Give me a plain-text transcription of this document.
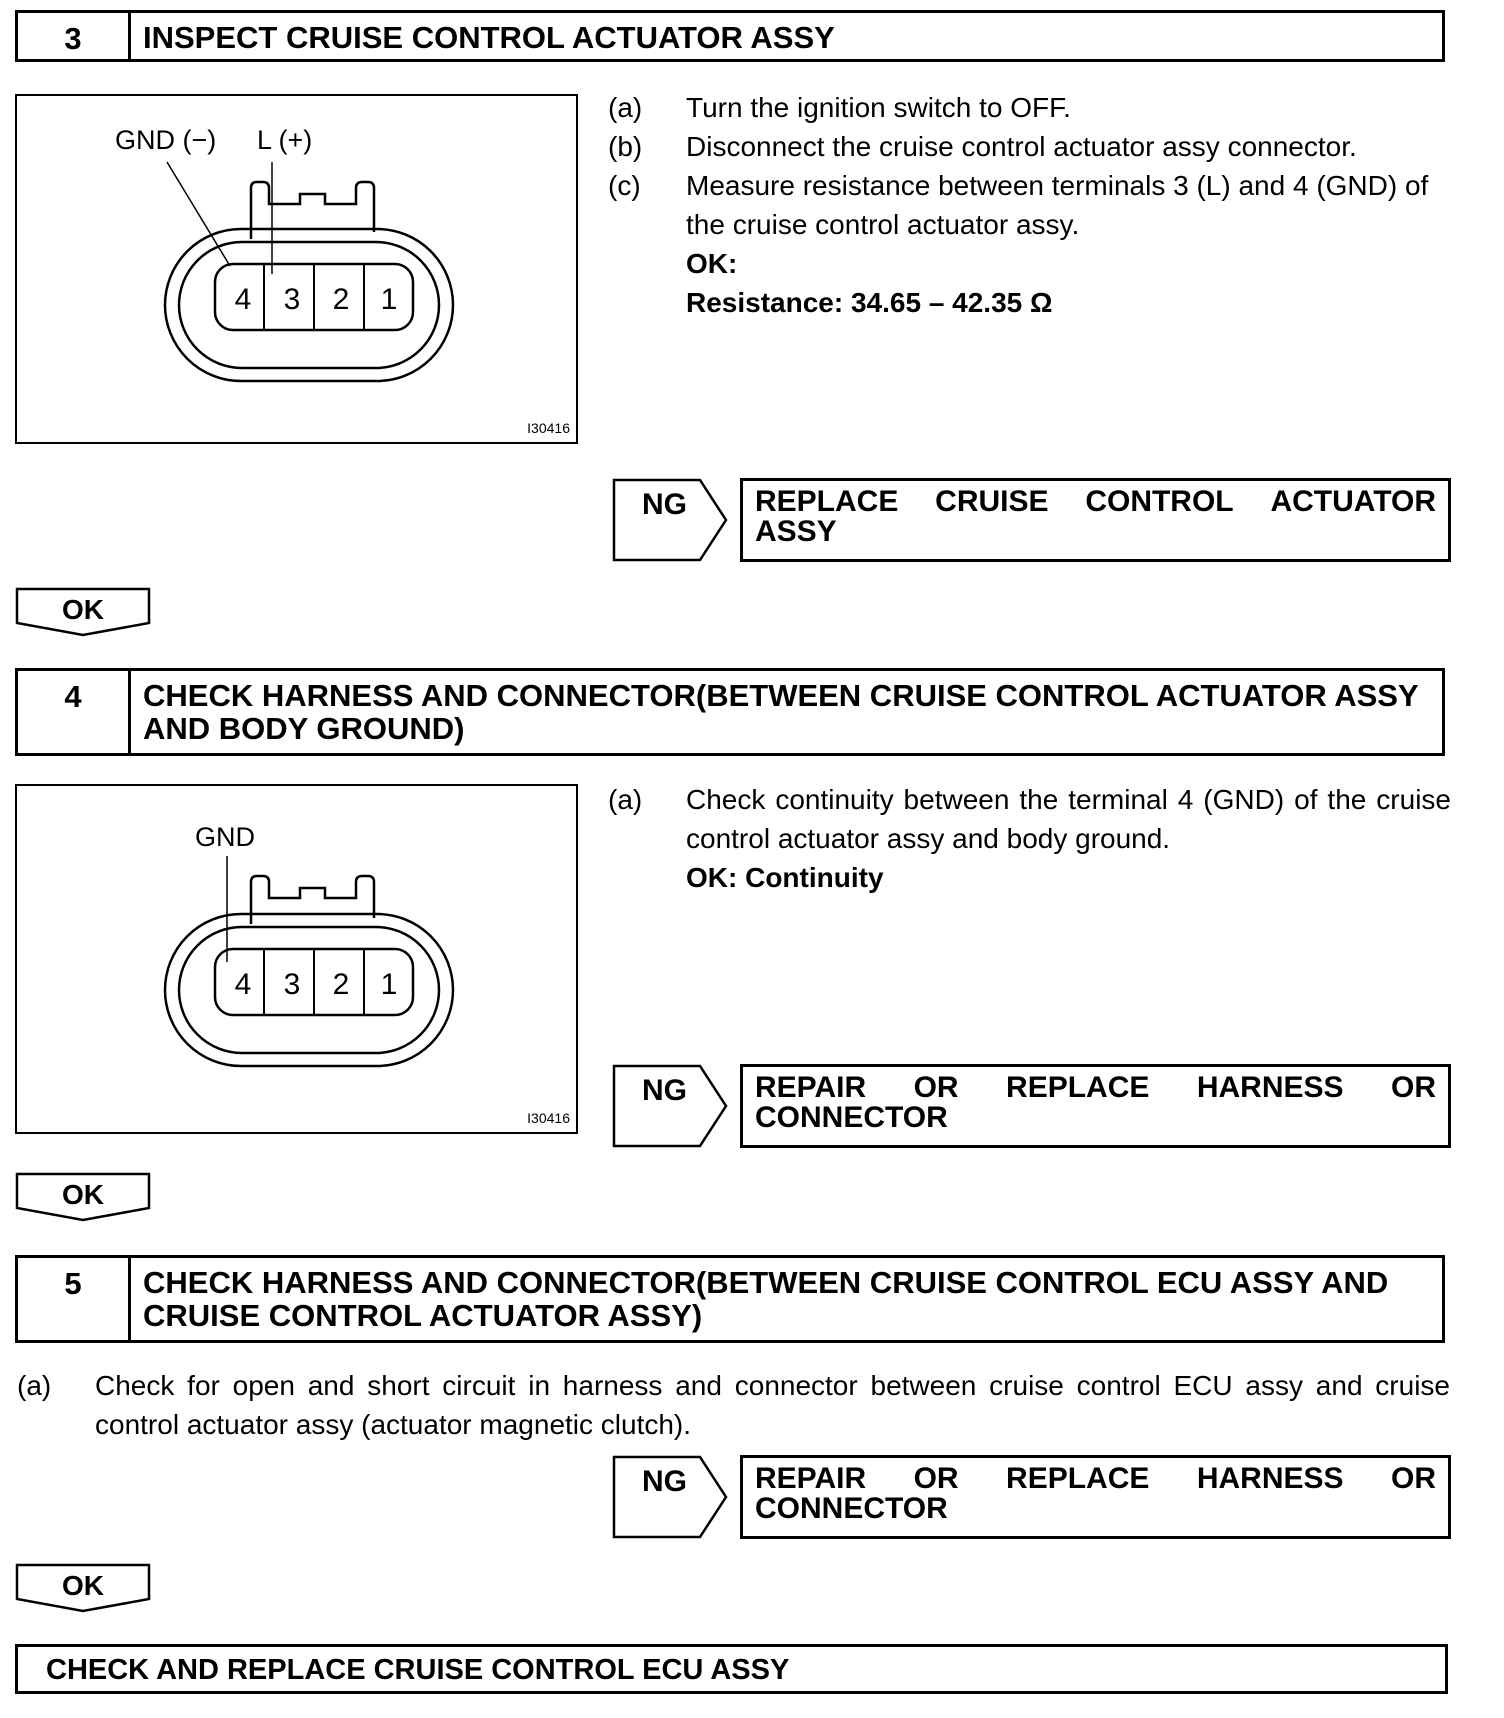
3	INSPECT CRUISE CONTROL ACTUATOR ASSY
4 3 2 1
GND (−) L (+)
I30416
(a)	Turn the ignition switch to OFF.
(b)	Disconnect the cruise control actuator assy connector.
(c)	Measure resistance between terminals 3 (L) and 4 (GND) of the cruise control actuator assy.
OK:
Resistance: 34.65 – 42.35 Ω
NG REPLACE CRUISE CONTROL ACTUATOR
ASSY
OK
4	CHECK HARNESS AND CONNECTOR(BETWEEN CRUISE CONTROL ACTUATOR ASSY AND BODY GROUND)
4 3 2 1
GND
I30416
(a)	Check continuity between the terminal 4 (GND) of the cruise control actuator assy and body ground.
OK: Continuity
NG REPAIR OR REPLACE HARNESS OR
CONNECTOR
OK
5	CHECK HARNESS AND CONNECTOR(BETWEEN CRUISE CONTROL ECU ASSY AND CRUISE CONTROL ACTUATOR ASSY)
(a)	Check for open and short circuit in harness and connector between cruise control ECU assy and cruise control actuator assy (actuator magnetic clutch).
NG REPAIR OR REPLACE HARNESS OR
CONNECTOR
OK
CHECK AND REPLACE CRUISE CONTROL ECU ASSY
